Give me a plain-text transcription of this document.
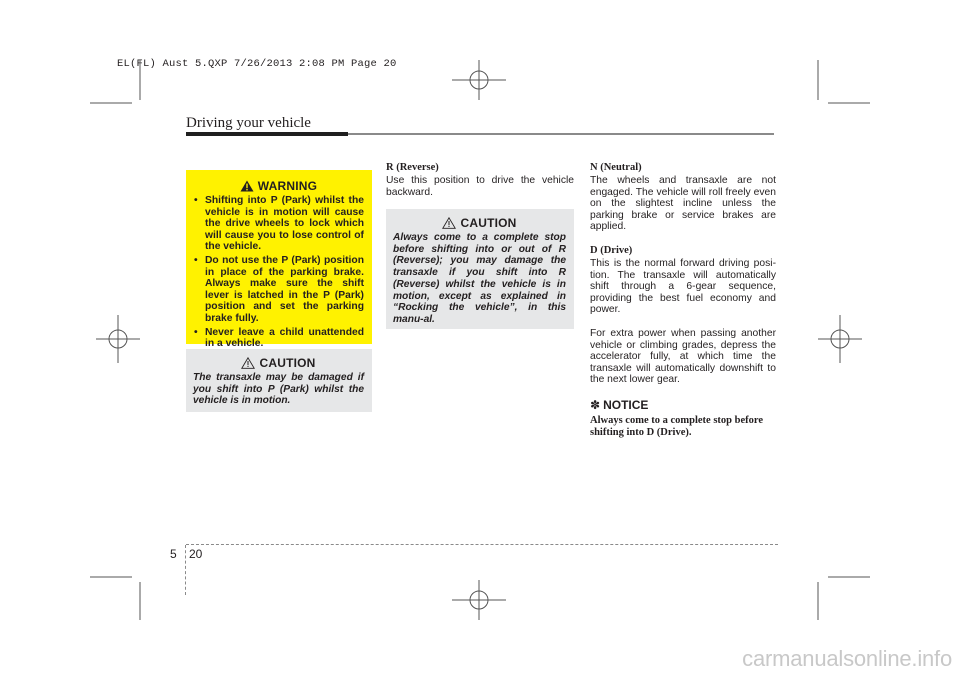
EL(FL) Aust 5.QXP 7/26/2013 2:08 PM Page 20
Driving your vehicle
WARNING
• Shifting into P (Park) whilst the vehicle is in motion will cause the drive wheels to lock which will cause you to lose control of the vehicle.
• Do not use the P (Park) position in place of the parking brake. Always make sure the shift lever is latched in the P (Park) position and set the parking brake fully.
• Never leave a child unattended in a vehicle.
CAUTION

The transaxle may be damaged if you shift into P (Park) whilst the vehicle is in motion.

R (Reverse)

Use this position to drive the vehicle backward.

CAUTION

Always come to a complete stop before shifting into or out of R (Reverse); you may damage the transaxle if you shift into R (Reverse) whilst the vehicle is in motion, except as explained in “Rocking the vehicle”, in this manu-al.

N (Neutral)

The wheels and transaxle are not engaged. The vehicle will roll freely even on the slightest incline unless the parking brake or service brakes are applied.

D (Drive)

This is the normal forward driving posi-tion. The transaxle will automatically shift through a 6-gear sequence, providing the best fuel economy and power.

For extra power when passing another vehicle or climbing grades, depress the accelerator fully, at which time the transaxle will automatically downshift to the next lower gear.

✽ NOTICE

Always come to a complete stop before shifting into D (Drive).

5 20
carmanualsonline.info
